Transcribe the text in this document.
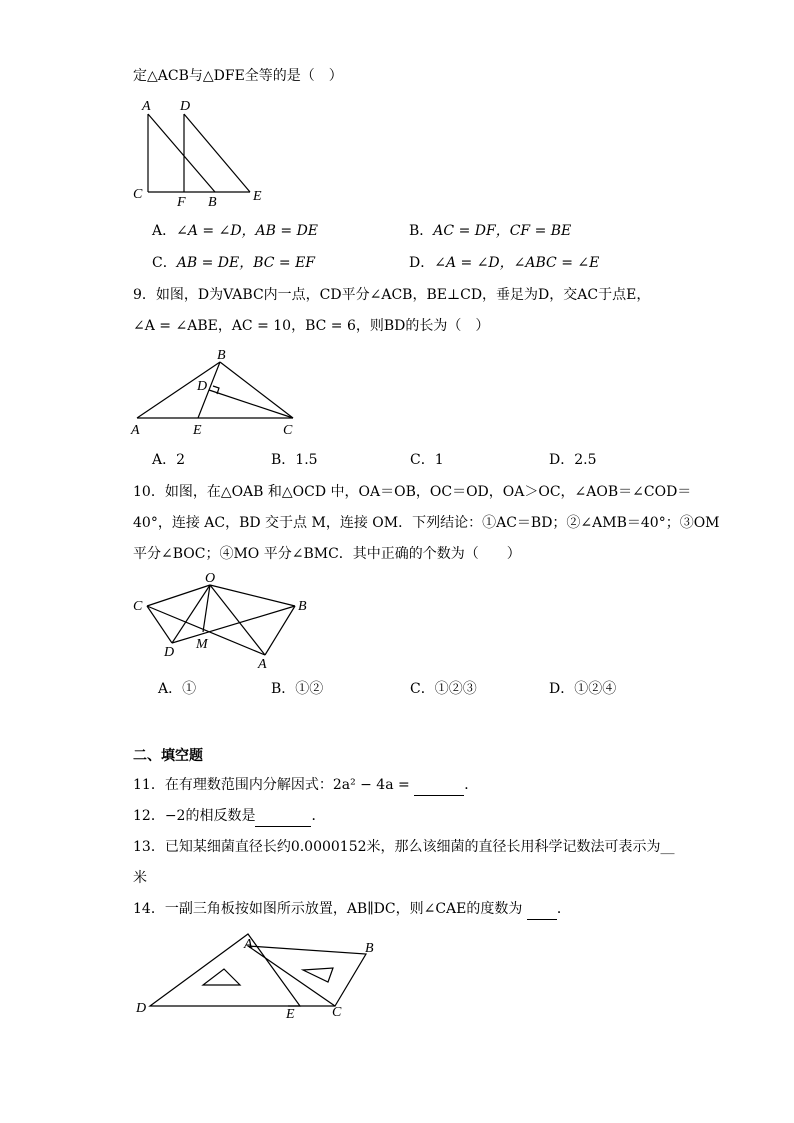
定△ACB与△DFE全等的是（　）
A D
C
F B	E
A．∠A = ∠D，AB = DE	B．AC = DF，CF = BE
C．AB = DE，BC = EF	D．∠A = ∠D，∠ABC = ∠E
9．如图，D为VABC内一点，CD平分∠ACB，BE⊥CD，垂足为D，交AC于点E，
∠A = ∠ABE，AC = 10，BC = 6，则BD的长为（　）
B
D
A	E	C
A．2	B．1.5	C．1	D．2.5
10．如图，在△OAB 和△OCD 中，OA＝OB，OC＝OD，OA＞OC，∠AOB＝∠COD＝
40°，连接 AC，BD 交于点 M，连接 OM．下列结论：①AC＝BD；②∠AMB＝40°；③OM
平分∠BOC；④MO 平分∠BMC．其中正确的个数为（　　）
O
C	B
D
M
A
A．①	B．①②	C．①②③	D．①②④
二、填空题
11．在有理数范围内分解因式：2a² − 4a =	．
12．−2的相反数是	．
13．已知某细菌直径长约0.0000152米，那么该细菌的直径长用科学记数法可表示为__
米
14．一副三角板按如图所示放置，AB∥DC，则∠CAE的度数为 ．
A	B
D	E	C
